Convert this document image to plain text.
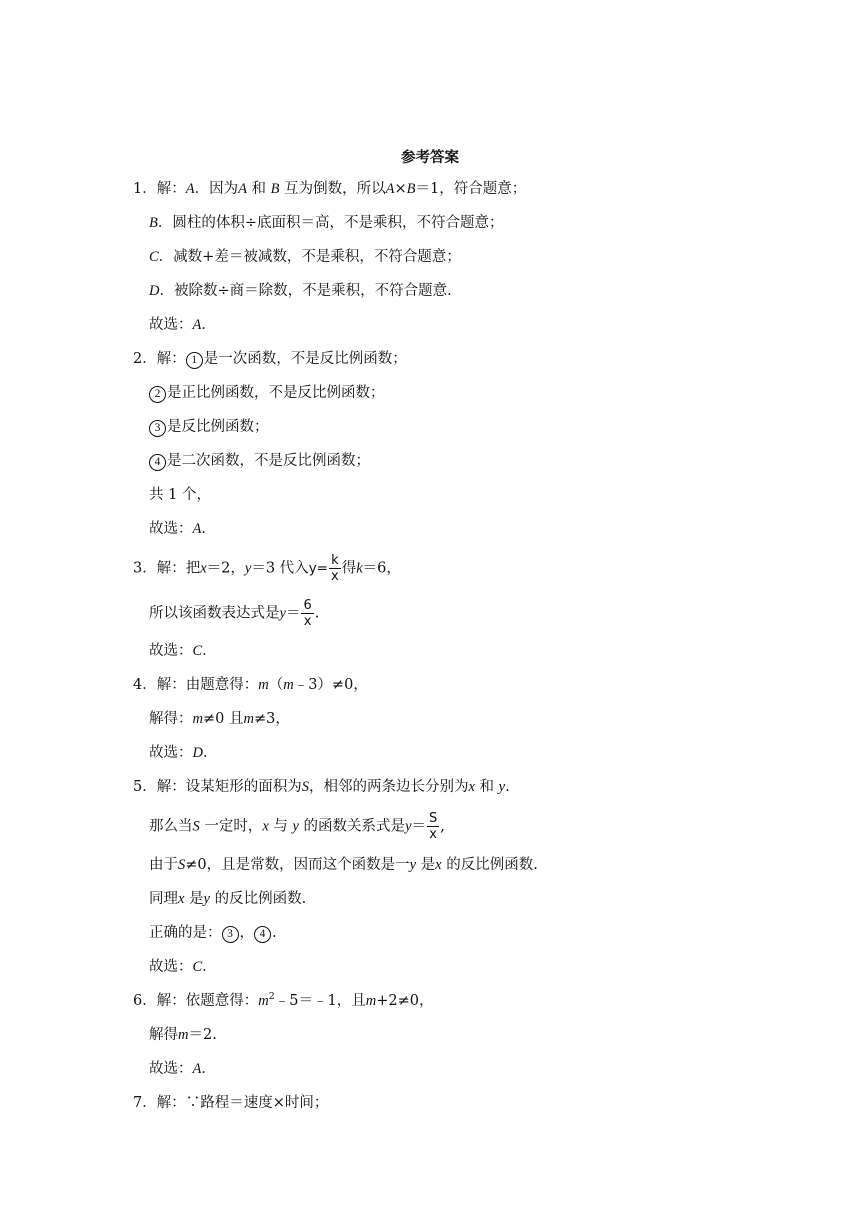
参考答案
1．解：A．因为A 和 B 互为倒数，所以A×B＝1，符合题意；
B．圆柱的体积÷底面积＝高，不是乘积，不符合题意；
C．减数+差＝被减数，不是乘积，不符合题意；
D．被除数÷商＝除数，不是乘积，不符合题意．
故选：A．
2．解： 1 是一次函数，不是反比例函数；
2 是正比例函数，不是反比例函数；
3 是反比例函数；
4 是二次函数，不是反比例函数；
共 1 个，
故选：A．
3．解：把x＝2，y＝3 代入$y= \frac{k}{x}$ 得k＝6，
所以该函数表达式是$y= \frac{6}{x}$ .
故选：C．
4．解：由题意得：m（m﹣3）≠0，
解得：m≠0 且m≠3，
故选：D．
5．解：设某矩形的面积为S，相邻的两条边长分别为x 和 y.
那么当S 一定时，x 与 y 的函数关系式是$y= \frac{S}{x}$ ,
由于S≠0，且是常数，因而这个函数是一y 是x 的反比例函数.
同理x 是y 的反比例函数.
正确的是： 3 ， 4 .
故选：C．
6．解：依题意得：$m^2﹣5=﹣1$，且m+2≠0，
解得m＝2.
故选：A．
7．解：∵路程＝速度×时间；
